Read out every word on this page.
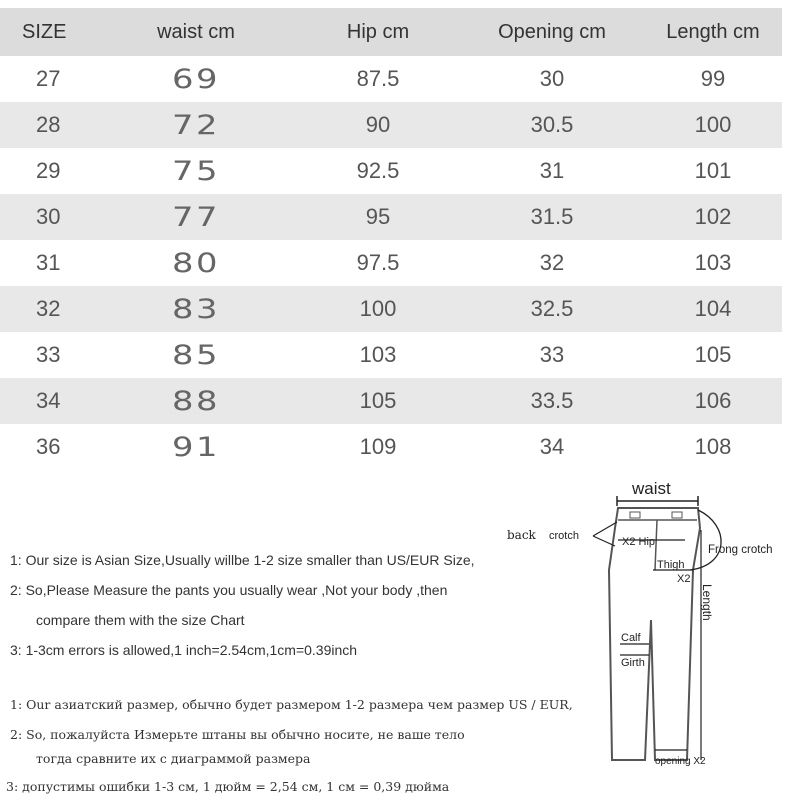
SIZE	waist cm	Hip cm	Opening cm	Length cm
27	69	87.5	30	99
28	72	90	30.5	100
29	75	92.5	31	101
30	77	95	31.5	102
31	80	97.5	32	103
32	83	100	32.5	104
33	85	103	33	105
34	88	105	33.5	106
36	91	109	34	108
1: Our size is Asian Size,Usually willbe 1-2 size smaller than US/EUR Size,
2: So,Please Measure the pants you usually wear ,Not your body ,then
compare them with the size Chart
3: 1-3cm errors is allowed,1 inch=2.54cm,1cm=0.39inch
1: Our азиатский размер, обычно будет размером 1-2 размера чем размер US / EUR,
2: So, пожалуйста Измерьте штаны вы обычно носите, не ваше тело
тогда сравните их с диаграммой размера
3: допустимы ошибки 1-3 см, 1 дюйм = 2,54 см, 1 см = 0,39 дюйма
waist
back crotch
Frong crotch
X2 Hip
Thigh
X2
Length
Calf
Girth
opening X2
